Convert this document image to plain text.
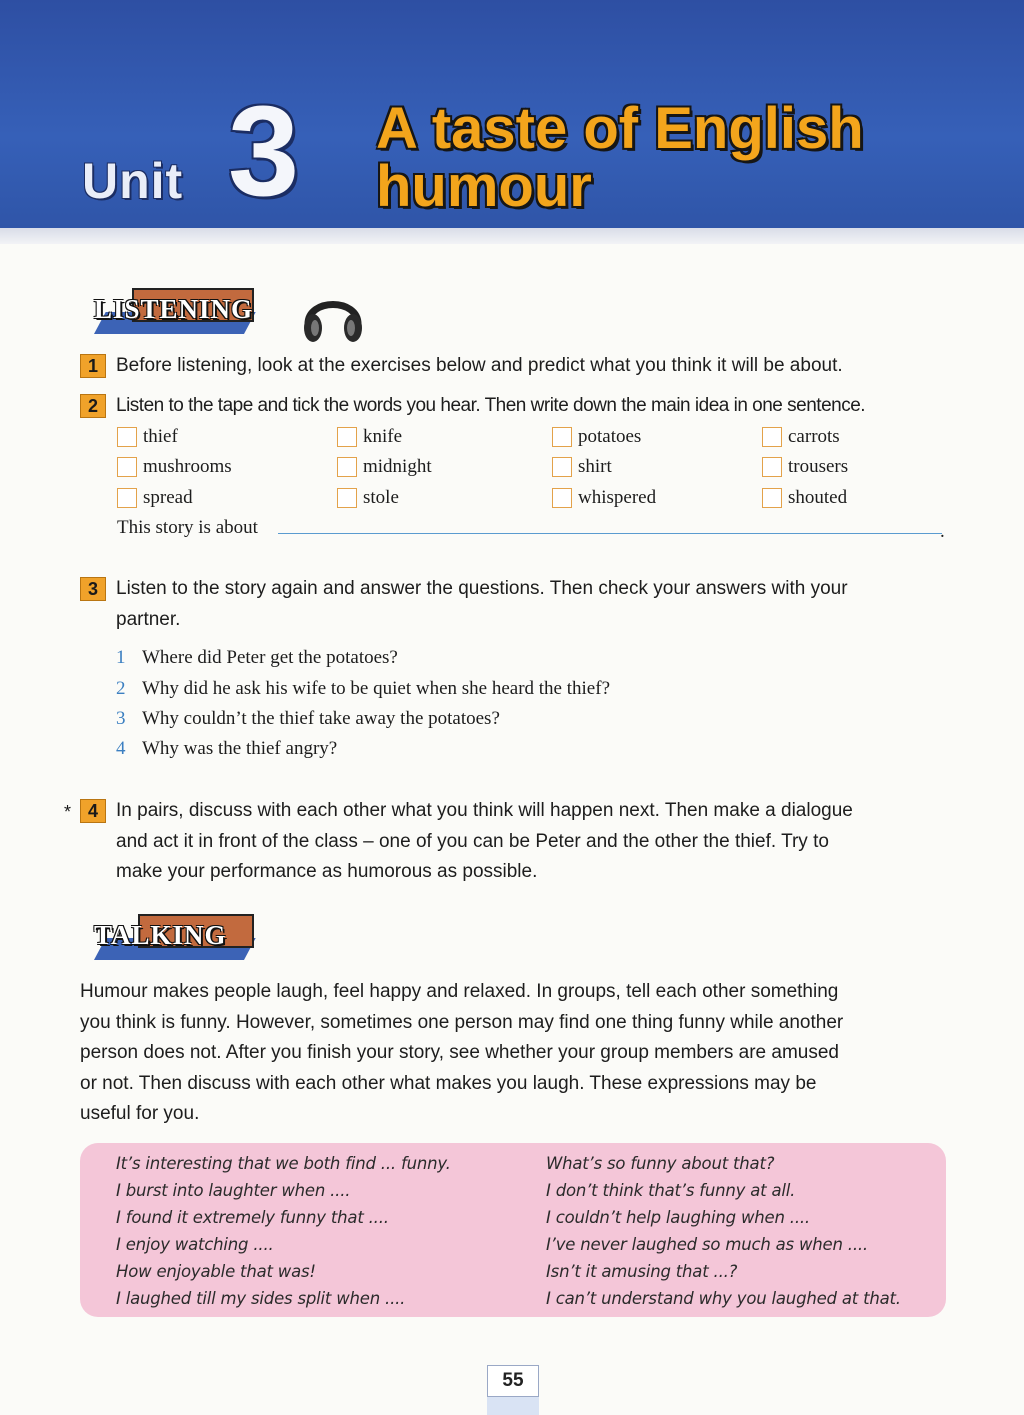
Unit 3 A taste of English
humour
LISTENING
1 Before listening, look at the exercises below and predict what you think it will be about.
2 Listen to the tape and tick the words you hear. Then write down the main idea in one sentence.
thief	knife	potatoes	carrots
mushrooms	midnight	shirt	trousers
spread	stole	whispered	shouted
This story is about	.
3 Listen to the story again and answer the questions. Then check your answers with your
partner.
1 Where did Peter get the potatoes?
2 Why did he ask his wife to be quiet when she heard the thief?
3 Why couldn’t the thief take away the potatoes?
4 Why was the thief angry?
* 4 In pairs, discuss with each other what you think will happen next. Then make a dialogue
and act it in front of the class – one of you can be Peter and the other the thief. Try to
make your performance as humorous as possible.
TALKING
Humour makes people laugh, feel happy and relaxed. In groups, tell each other something
you think is funny. However, sometimes one person may find one thing funny while another
person does not. After you finish your story, see whether your group members are amused
or not. Then discuss with each other what makes you laugh. These expressions may be
useful for you.
It’s interesting that we both find ... funny.
I burst into laughter when ....
I found it extremely funny that ....
I enjoy watching ....
How enjoyable that was!
I laughed till my sides split when ....
What’s so funny about that?
I don’t think that’s funny at all.
I couldn’t help laughing when ....
I’ve never laughed so much as when ....
Isn’t it amusing that ...?
I can’t understand why you laughed at that.
55
